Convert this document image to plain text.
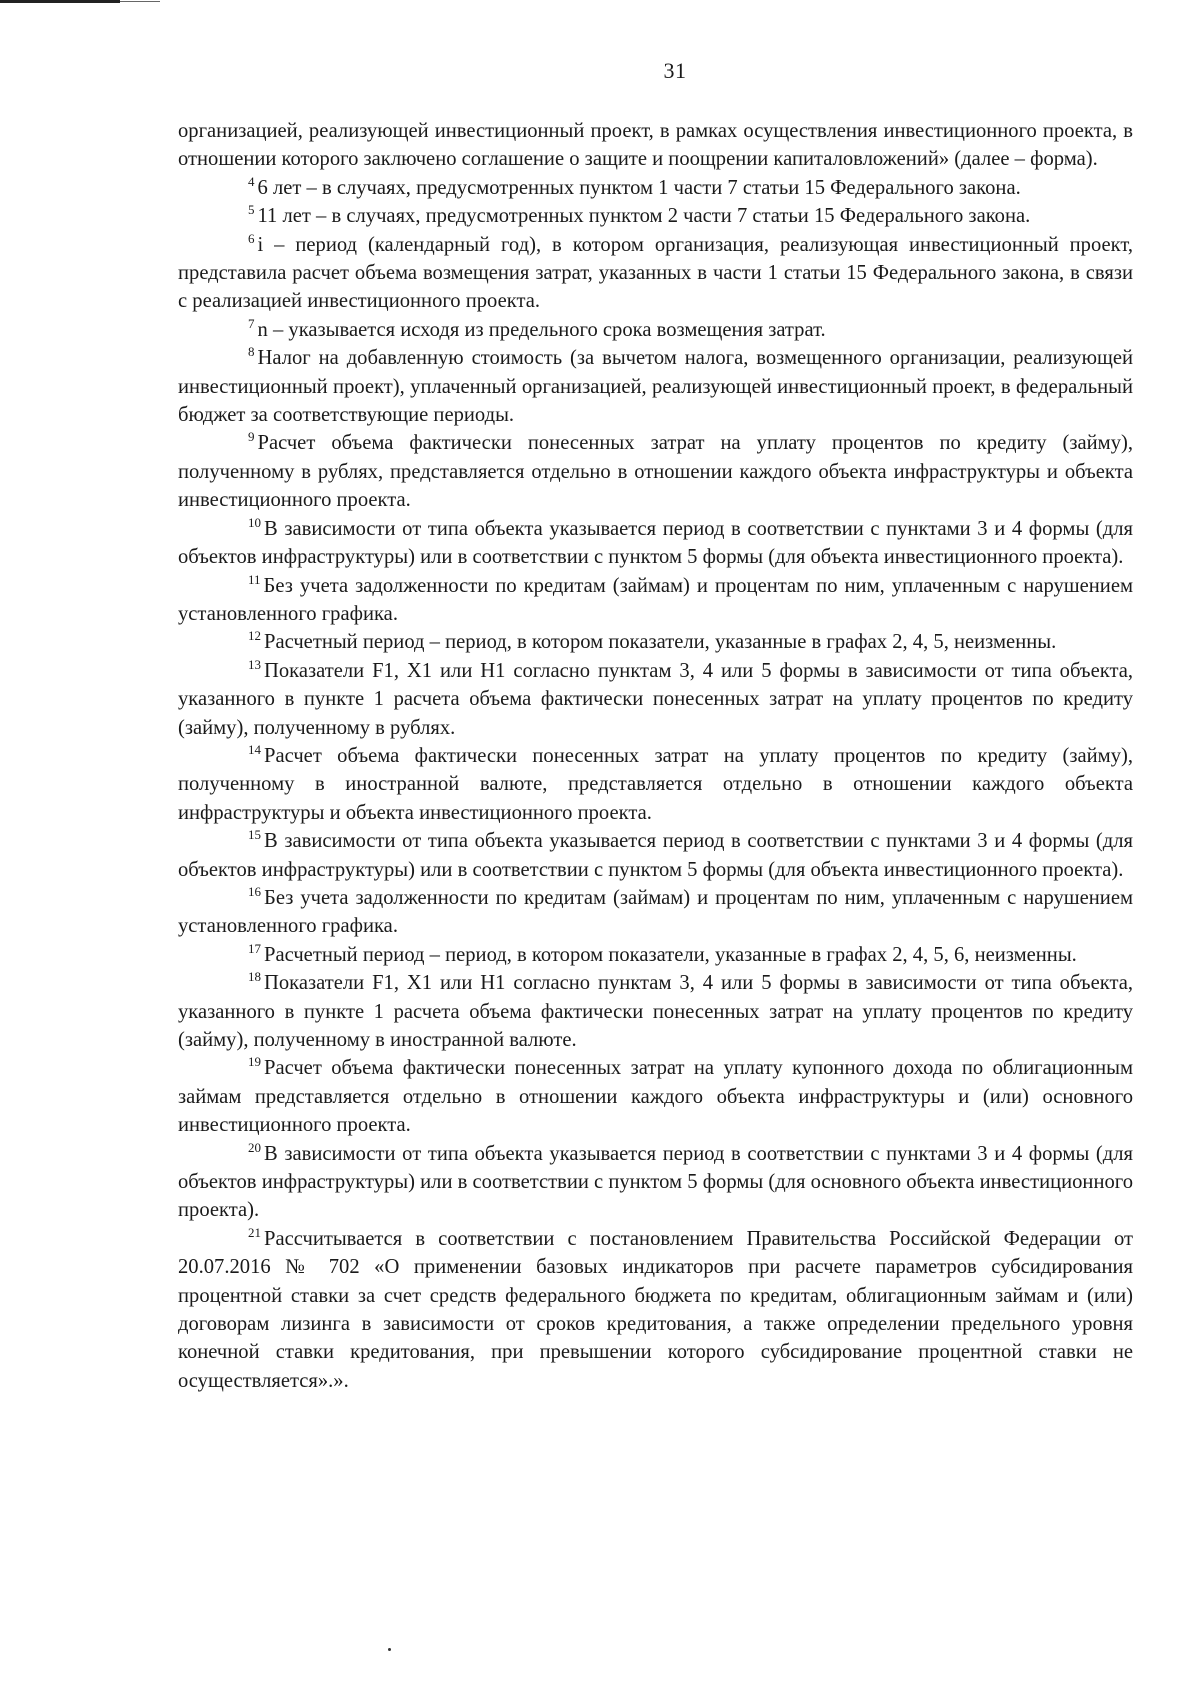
31

организацией, реализующей инвестиционный проект, в рамках осуществления инвестиционного проекта, в отношении которого заключено соглашение о защите и поощрении капиталовложений» (далее – форма).

$^4$ 6 лет – в случаях, предусмотренных пунктом 1 части 7 статьи 15 Федерального закона.

$^5$ 11 лет – в случаях, предусмотренных пунктом 2 части 7 статьи 15 Федерального закона.

$^6$ i – период (календарный год), в котором организация, реализующая инвестиционный проект, представила расчет объема возмещения затрат, указанных в части 1 статьи 15 Федерального закона, в связи с реализацией инвестиционного проекта.

$^7$ n – указывается исходя из предельного срока возмещения затрат.

$^8$ Налог на добавленную стоимость (за вычетом налога, возмещенного организации, реализующей инвестиционный проект), уплаченный организацией, реализующей инвестиционный проект, в федеральный бюджет за соответствующие периоды.

$^9$ Расчет объема фактически понесенных затрат на уплату процентов по кредиту (займу), полученному в рублях, представляется отдельно в отношении каждого объекта инфраструктуры и объекта инвестиционного проекта.

$^{10}$ В зависимости от типа объекта указывается период в соответствии с пунктами 3 и 4 формы (для объектов инфраструктуры) или в соответствии с пунктом 5 формы (для объекта инвестиционного проекта).

$^{11}$ Без учета задолженности по кредитам (займам) и процентам по ним, уплаченным с нарушением установленного графика.

$^{12}$ Расчетный период – период, в котором показатели, указанные в графах 2, 4, 5, неизменны.

$^{13}$ Показатели F1, X1 или H1 согласно пунктам 3, 4 или 5 формы в зависимости от типа объекта, указанного в пункте 1 расчета объема фактически понесенных затрат на уплату процентов по кредиту (займу), полученному в рублях.

$^{14}$ Расчет объема фактически понесенных затрат на уплату процентов по кредиту (займу), полученному в иностранной валюте, представляется отдельно в отношении каждого объекта инфраструктуры и объекта инвестиционного проекта.

$^{15}$ В зависимости от типа объекта указывается период в соответствии с пунктами 3 и 4 формы (для объектов инфраструктуры) или в соответствии с пунктом 5 формы (для объекта инвестиционного проекта).

$^{16}$ Без учета задолженности по кредитам (займам) и процентам по ним, уплаченным с нарушением установленного графика.

$^{17}$ Расчетный период – период, в котором показатели, указанные в графах 2, 4, 5, 6, неизменны.

$^{18}$ Показатели F1, X1 или H1 согласно пунктам 3, 4 или 5 формы в зависимости от типа объекта, указанного в пункте 1 расчета объема фактически понесенных затрат на уплату процентов по кредиту (займу), полученному в иностранной валюте.

$^{19}$ Расчет объема фактически понесенных затрат на уплату купонного дохода по облигационным займам представляется отдельно в отношении каждого объекта инфраструктуры и (или) основного инвестиционного проекта.

$^{20}$ В зависимости от типа объекта указывается период в соответствии с пунктами 3 и 4 формы (для объектов инфраструктуры) или в соответствии с пунктом 5 формы (для основного объекта инвестиционного проекта).

$^{21}$ Рассчитывается в соответствии с постановлением Правительства Российской Федерации от 20.07.2016 № 702 «О применении базовых индикаторов при расчете параметров субсидирования процентной ставки за счет средств федерального бюджета по кредитам, облигационным займам и (или) договорам лизинга в зависимости от сроков кредитования, а также определении предельного уровня конечной ставки кредитования, при превышении которого субсидирование процентной ставки не осуществляется».».
